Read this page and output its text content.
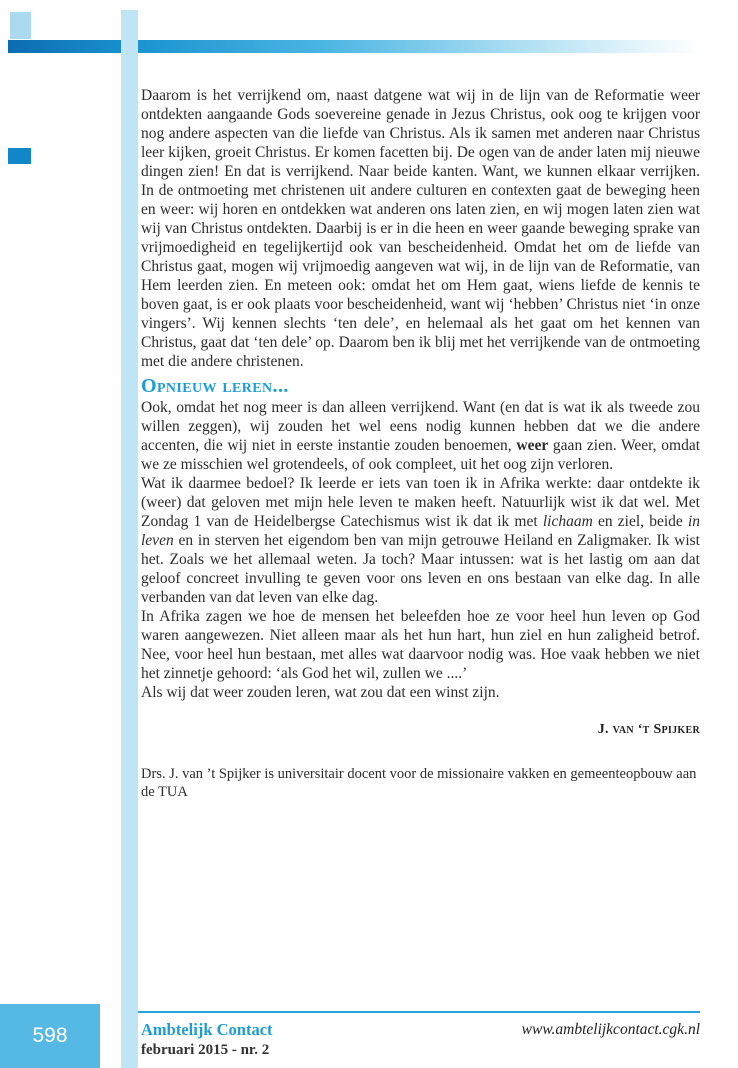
Daarom is het verrijkend om, naast datgene wat wij in de lijn van de Reformatie weer ontdekten aangaande Gods soevereine genade in Jezus Christus, ook oog te krijgen voor nog andere aspecten van die liefde van Christus. Als ik samen met anderen naar Christus leer kijken, groeit Christus. Er komen facetten bij. De ogen van de ander laten mij nieuwe dingen zien! En dat is verrijkend. Naar beide kanten. Want, we kunnen elkaar verrijken. In de ontmoeting met christenen uit andere culturen en contexten gaat de beweging heen en weer: wij horen en ontdekken wat anderen ons laten zien, en wij mogen laten zien wat wij van Christus ontdekten. Daarbij is er in die heen en weer gaande beweging sprake van vrijmoedigheid en tegelijkertijd ook van bescheidenheid. Omdat het om de liefde van Christus gaat, mogen wij vrijmoedig aangeven wat wij, in de lijn van de Reformatie, van Hem leerden zien. En meteen ook: omdat het om Hem gaat, wiens liefde de kennis te boven gaat, is er ook plaats voor bescheidenheid, want wij ‘hebben’ Christus niet ‘in onze vingers’. Wij kennen slechts ‘ten dele’, en helemaal als het gaat om het kennen van Christus, gaat dat ‘ten dele’ op. Daarom ben ik blij met het verrijkende van de ontmoeting met die andere christenen.

Opnieuw leren...

Ook, omdat het nog meer is dan alleen verrijkend. Want (en dat is wat ik als tweede zou willen zeggen), wij zouden het wel eens nodig kunnen hebben dat we die andere accenten, die wij niet in eerste instantie zouden benoemen, weer gaan zien. Weer, omdat we ze misschien wel grotendeels, of ook compleet, uit het oog zijn verloren.

Wat ik daarmee bedoel? Ik leerde er iets van toen ik in Afrika werkte: daar ontdekte ik (weer) dat geloven met mijn hele leven te maken heeft. Natuurlijk wist ik dat wel. Met Zondag 1 van de Heidelbergse Catechismus wist ik dat ik met lichaam en ziel, beide in leven en in sterven het eigendom ben van mijn getrouwe Heiland en Zaligmaker. Ik wist het. Zoals we het allemaal weten. Ja toch? Maar intussen: wat is het lastig om aan dat geloof concreet invulling te geven voor ons leven en ons bestaan van elke dag. In alle verbanden van dat leven van elke dag.

In Afrika zagen we hoe de mensen het beleefden hoe ze voor heel hun leven op God waren aangewezen. Niet alleen maar als het hun hart, hun ziel en hun zaligheid betrof. Nee, voor heel hun bestaan, met alles wat daarvoor nodig was. Hoe vaak hebben we niet het zinnetje gehoord: ‘als God het wil, zullen we ....’

Als wij dat weer zouden leren, wat zou dat een winst zijn.

J. van ‘t Spijker

Drs. J. van ’t Spijker is universitair docent voor de missionaire vakken en gemeenteopbouw aan de TUA

Ambtelijk Contact
februari 2015 - nr. 2
www.ambtelijkcontact.cgk.nl
598
